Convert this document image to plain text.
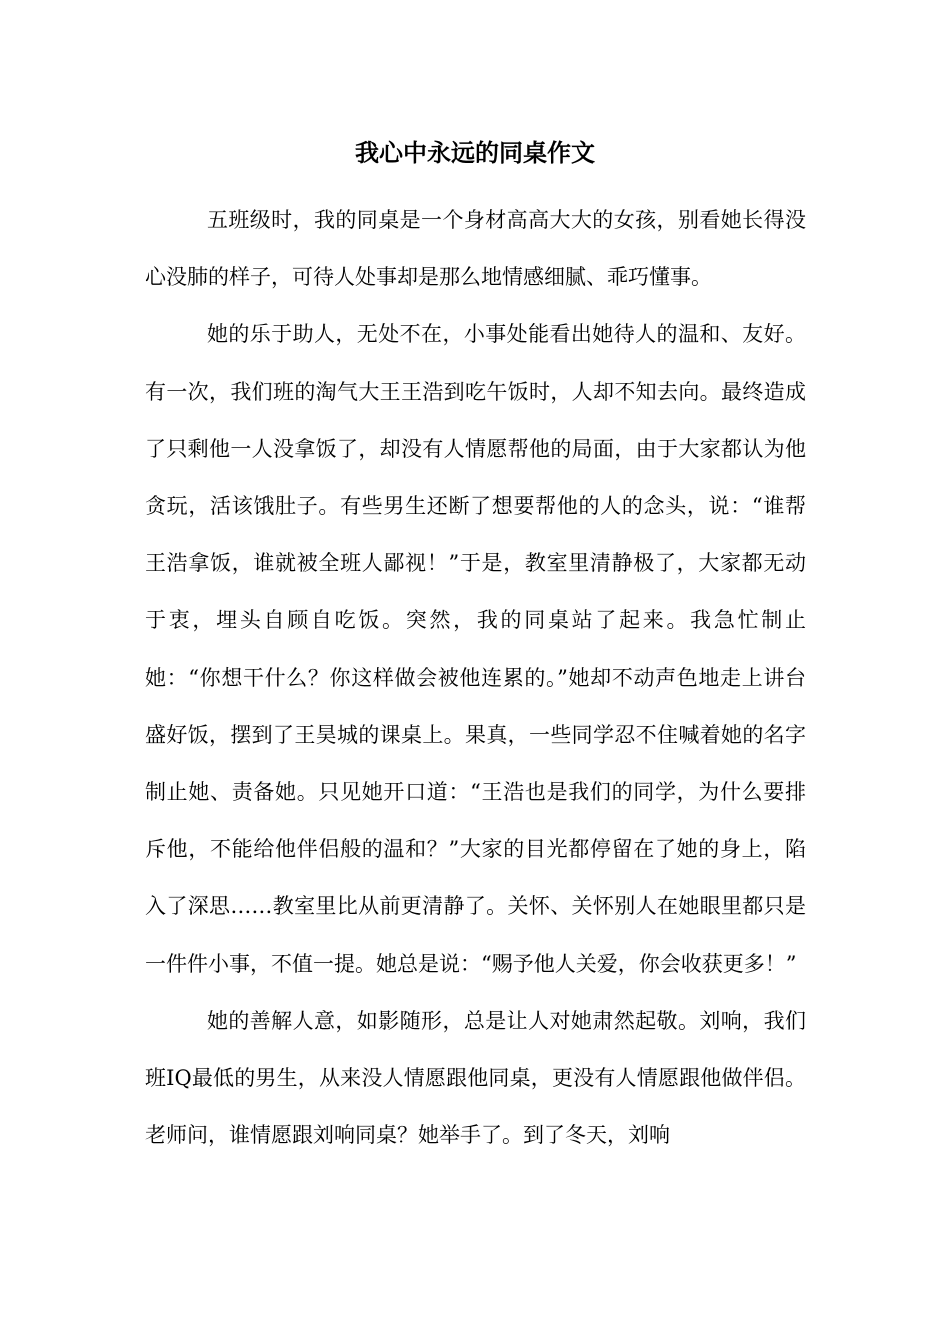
我心中永远的同桌作文

五班级时，我的同桌是一个身材高高大大的女孩，别看她长得没心没肺的样子，可待人处事却是那么地情感细腻、乖巧懂事。

她的乐于助人，无处不在，小事处能看出她待人的温和、友好。有一次，我们班的淘气大王王浩到吃午饭时，人却不知去向。最终造成了只剩他一人没拿饭了，却没有人情愿帮他的局面，由于大家都认为他贪玩，活该饿肚子。有些男生还断了想要帮他的人的念头，说：“谁帮王浩拿饭，谁就被全班人鄙视！”于是，教室里清静极了，大家都无动于衷，埋头自顾自吃饭。突然，我的同桌站了起来。我急忙制止她：“你想干什么？你这样做会被他连累的。”她却不动声色地走上讲台盛好饭，摆到了王昊城的课桌上。果真，一些同学忍不住喊着她的名字制止她、责备她。只见她开口道：“王浩也是我们的同学，为什么要排斥他，不能给他伴侣般的温和？”大家的目光都停留在了她的身上，陷入了深思……教室里比从前更清静了。关怀、关怀别人在她眼里都只是一件件小事，不值一提。她总是说：“赐予他人关爱，你会收获更多！”

她的善解人意，如影随形，总是让人对她肃然起敬。刘响，我们班IQ最低的男生，从来没人情愿跟他同桌，更没有人情愿跟他做伴侣。老师问，谁情愿跟刘响同桌？她举手了。到了冬天，刘响
